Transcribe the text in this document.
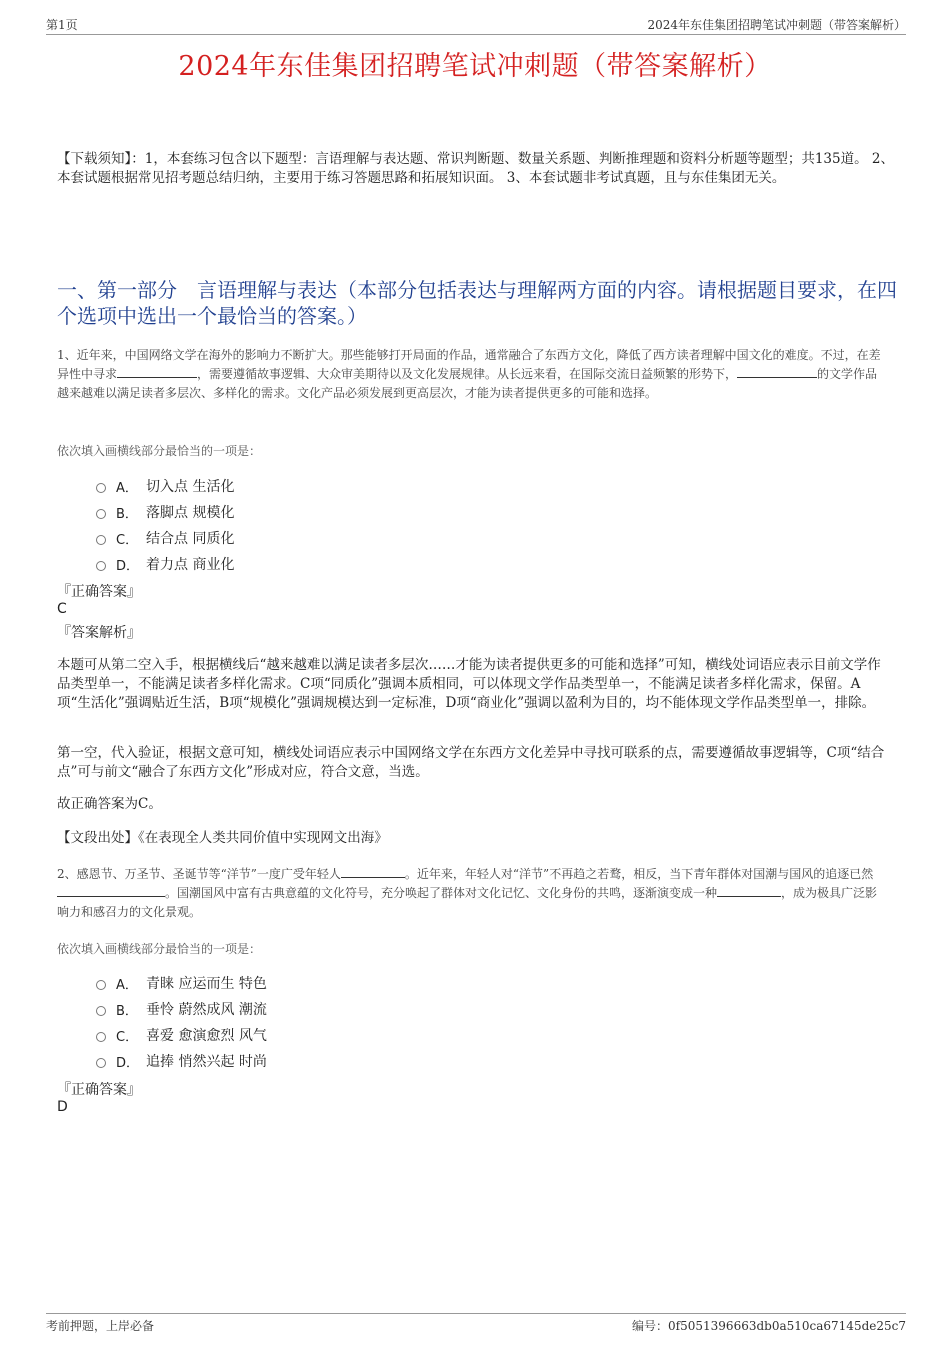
第1页	2024年东佳集团招聘笔试冲刺题（带答案解析）
2024年东佳集团招聘笔试冲刺题（带答案解析）
【下载须知】：1，本套练习包含以下题型：言语理解与表达题、常识判断题、数量关系题、判断推理题和资料分析题等题型；共135道。 2、本套试题根据常见招考题总结归纳，主要用于练习答题思路和拓展知识面。 3、本套试题非考试真题，且与东佳集团无关。
一、第一部分　言语理解与表达（本部分包括表达与理解两方面的内容。请根据题目要求，在四个选项中选出一个最恰当的答案。）
1、近年来，中国网络文学在海外的影响力不断扩大。那些能够打开局面的作品，通常融合了东西方文化，降低了西方读者理解中国文化的难度。不过，在差异性中寻求	，需要遵循故事逻辑、大众审美期待以及文化发展规律。从长远来看，在国际交流日益频繁的形势下，	的文学作品越来越难以满足读者多层次、多样化的需求。文化产品必须发展到更高层次，才能为读者提供更多的可能和选择。
依次填入画横线部分最恰当的一项是：
A． 切入点 生活化
B． 落脚点 规模化
C． 结合点 同质化
D． 着力点 商业化
『正确答案』
C
『答案解析』
本题可从第二空入手，根据横线后“越来越难以满足读者多层次……才能为读者提供更多的可能和选择”可知，横线处词语应表示目前文学作品类型单一，不能满足读者多样化需求。C项“同质化”强调本质相同，可以体现文学作品类型单一，不能满足读者多样化需求，保留。A项“生活化”强调贴近生活，B项“规模化”强调规模达到一定标准，D项“商业化”强调以盈利为目的，均不能体现文学作品类型单一，排除。
第一空，代入验证，根据文意可知，横线处词语应表示中国网络文学在东西方文化差异中寻找可联系的点，需要遵循故事逻辑等，C项“结合点”可与前文“融合了东西方文化”形成对应，符合文意，当选。
故正确答案为C。
【文段出处】《在表现全人类共同价值中实现网文出海》
2、感恩节、万圣节、圣诞节等“洋节”一度广受年轻人	。近年来，年轻人对“洋节”不再趋之若鹜，相反，当下青年群体对国潮与国风的追逐已然。国潮国风中富有古典意蕴的文化符号，充分唤起了群体对文化记忆、文化身份的共鸣，逐渐演变成一种	，成为极具广泛影响力和感召力的文化景观。
依次填入画横线部分最恰当的一项是：
A． 青睐 应运而生 特色
B． 垂怜 蔚然成风 潮流
C． 喜爱 愈演愈烈 风气
D． 追捧 悄然兴起 时尚
『正确答案』
D
考前押题，上岸必备	编号：0f5051396663db0a510ca67145de25c7
